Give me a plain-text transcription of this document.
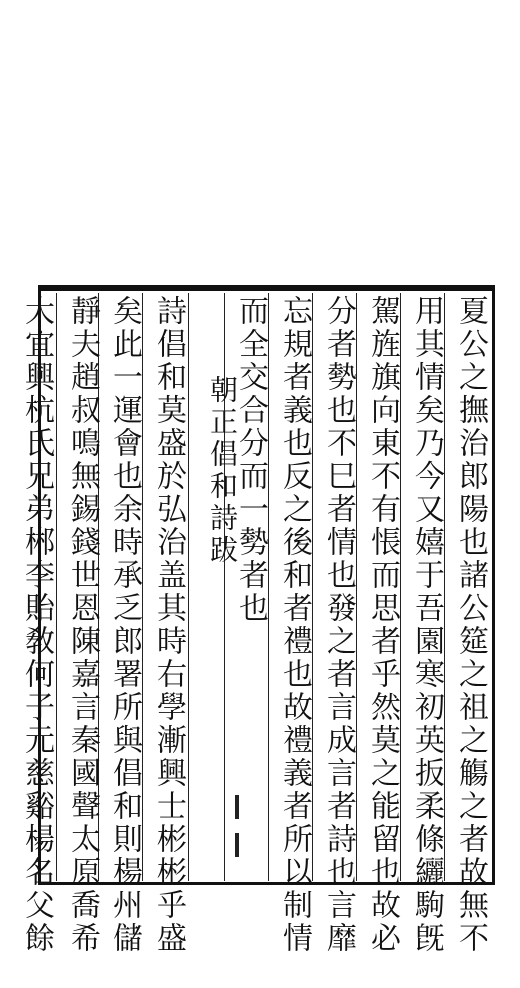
夏公之撫治郎陽也諸公筵之祖之觴之者故無不
用其情矣乃今又嬉于吾園寒初英扳柔條纚駒旣
駕旌旗向東不有悵而思者乎然莫之能留也故必
分者勢也不巳者情也發之者言成言者詩也言靡
忘規者義也反之後和者禮也故禮義者所以制情
而全交合分而一勢者也
朝正倡和詩跋
詩倡和莫盛於弘治盖其時右學漸興士彬彬乎盛
矣此一運會也余時承乏郎署所與倡和則楊州儲
靜夫趙叔鳴無錫錢世恩陳嘉言秦國聲太原喬希
大宜興杭氏兄弟郴李貽敎何子元慈谿楊名父餘
